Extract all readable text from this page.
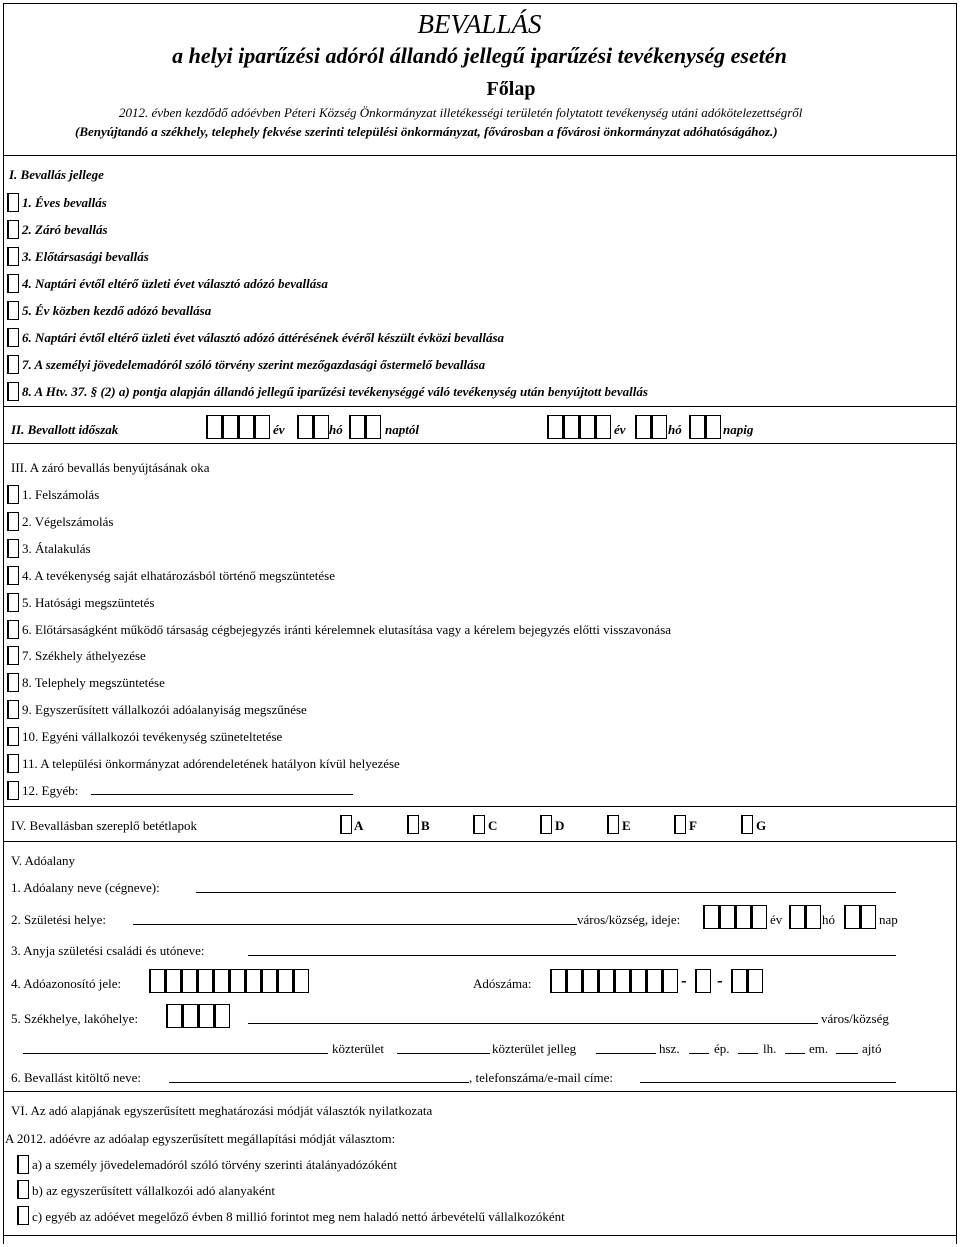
BEVALLÁS
a helyi iparűzési adóról állandó jellegű iparűzési tevékenység esetén
Főlap
2012. évben kezdődő adóévben Péteri Község Önkormányzat illetékességi területén folytatott tevékenység utáni adókötelezettségről
(Benyújtandó a székhely, telephely fekvése szerinti települési önkormányzat, fővárosban a fővárosi önkormányzat adóhatóságához.)
I. Bevallás jellege
1. Éves bevallás
2. Záró bevallás
3. Előtársasági bevallás
4. Naptári évtől eltérő üzleti évet választó adózó bevallása
5. Év közben kezdő adózó bevallása
6. Naptári évtől eltérő üzleti évet választó adózó áttérésének évéről készült évközi bevallása
7. A személyi jövedelemadóról szóló törvény szerint mezőgazdasági őstermelő bevallása
8. A Htv. 37. § (2) a) pontja alapján állandó jellegű iparűzési tevékenységgé váló tevékenység után benyújtott bevallás
II. Bevallott időszak	év	hó	naptól	év	hó	napig
III. A záró bevallás benyújtásának oka
1. Felszámolás
2. Végelszámolás
3. Átalakulás
4. A tevékenység saját elhatározásból történő megszüntetése
5. Hatósági megszüntetés
6. Előtársaságként működő társaság cégbejegyzés iránti kérelemnek elutasítása vagy a kérelem bejegyzés előtti visszavonása
7. Székhely áthelyezése
8. Telephely megszüntetése
9. Egyszerűsített vállalkozói adóalanyiság megszűnése
10. Egyéni vállalkozói tevékenység szüneteltetése
11. A települési önkormányzat adórendeletének hatályon kívül helyezése
12. Egyéb:
IV. Bevallásban szereplő betétlapok	A	B	C	D	E	F	G
V. Adóalany
1. Adóalany neve (cégneve):
2. Születési helye:	város/község, ideje:	év	hó	nap
3. Anyja születési családi és utóneve:
4. Adóazonosító jele:	Adószáma:	- -
5. Székhelye, lakóhelye:	város/község
közterület	közterület jelleg	hsz.	ép.	lh.	em.	ajtó
6. Bevallást kitöltő neve:	, telefonszáma/e-mail címe:
VI. Az adó alapjának egyszerűsített meghatározási módját választók nyilatkozata
A 2012. adóévre az adóalap egyszerűsített megállapítási módját választom:
a) a személy jövedelemadóról szóló törvény szerinti átalányadózóként
b) az egyszerűsített vállalkozói adó alanyaként
c) egyéb az adóévet megelőző évben 8 millió forintot meg nem haladó nettó árbevételű vállalkozóként
